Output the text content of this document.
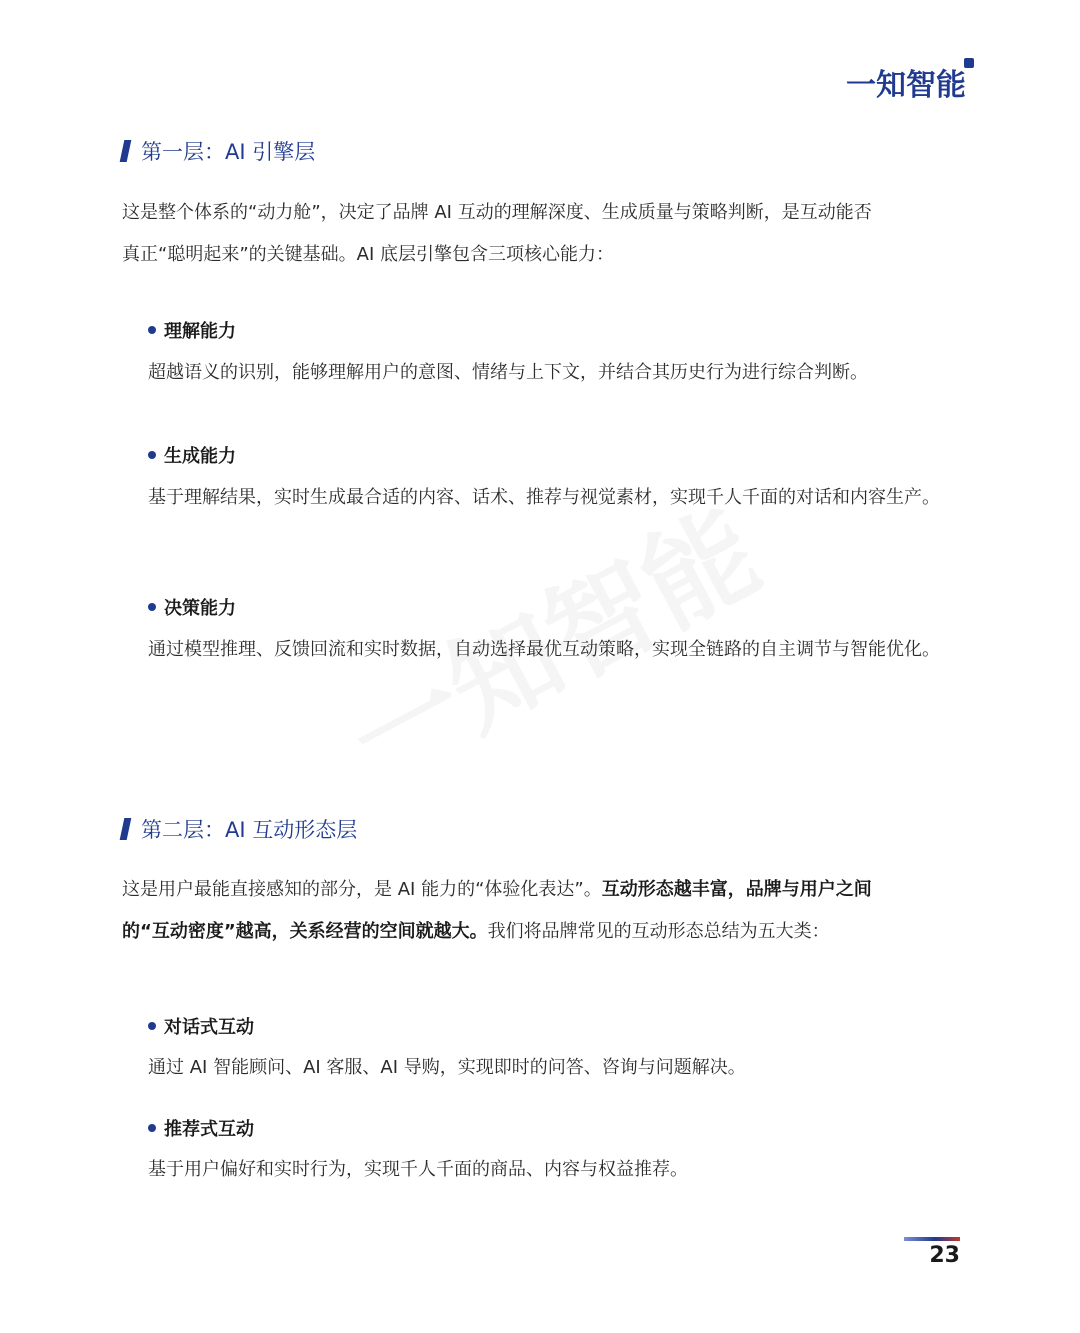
一知智能
第一层：AI 引擎层

这是整个体系的“动力舱”，决定了品牌 AI 互动的理解深度、生成质量与策略判断，是互动能否
真正“聪明起来”的关键基础。AI 底层引擎包含三项核心能力：

理解能力

超越语义的识别，能够理解用户的意图、情绪与上下文，并结合其历史行为进行综合判断。

生成能力

基于理解结果，实时生成最合适的内容、话术、推荐与视觉素材，实现千人千面的对话和内容生产。

决策能力

通过模型推理、反馈回流和实时数据，自动选择最优互动策略，实现全链路的自主调节与智能优化。

第二层：AI 互动形态层

这是用户最能直接感知的部分，是 AI 能力的“体验化表达”。互动形态越丰富，品牌与用户之间
的“互动密度”越高，关系经营的空间就越大。我们将品牌常见的互动形态总结为五大类：

对话式互动

通过 AI 智能顾问、AI 客服、AI 导购，实现即时的问答、咨询与问题解决。

推荐式互动

基于用户偏好和实时行为，实现千人千面的商品、内容与权益推荐。

23
